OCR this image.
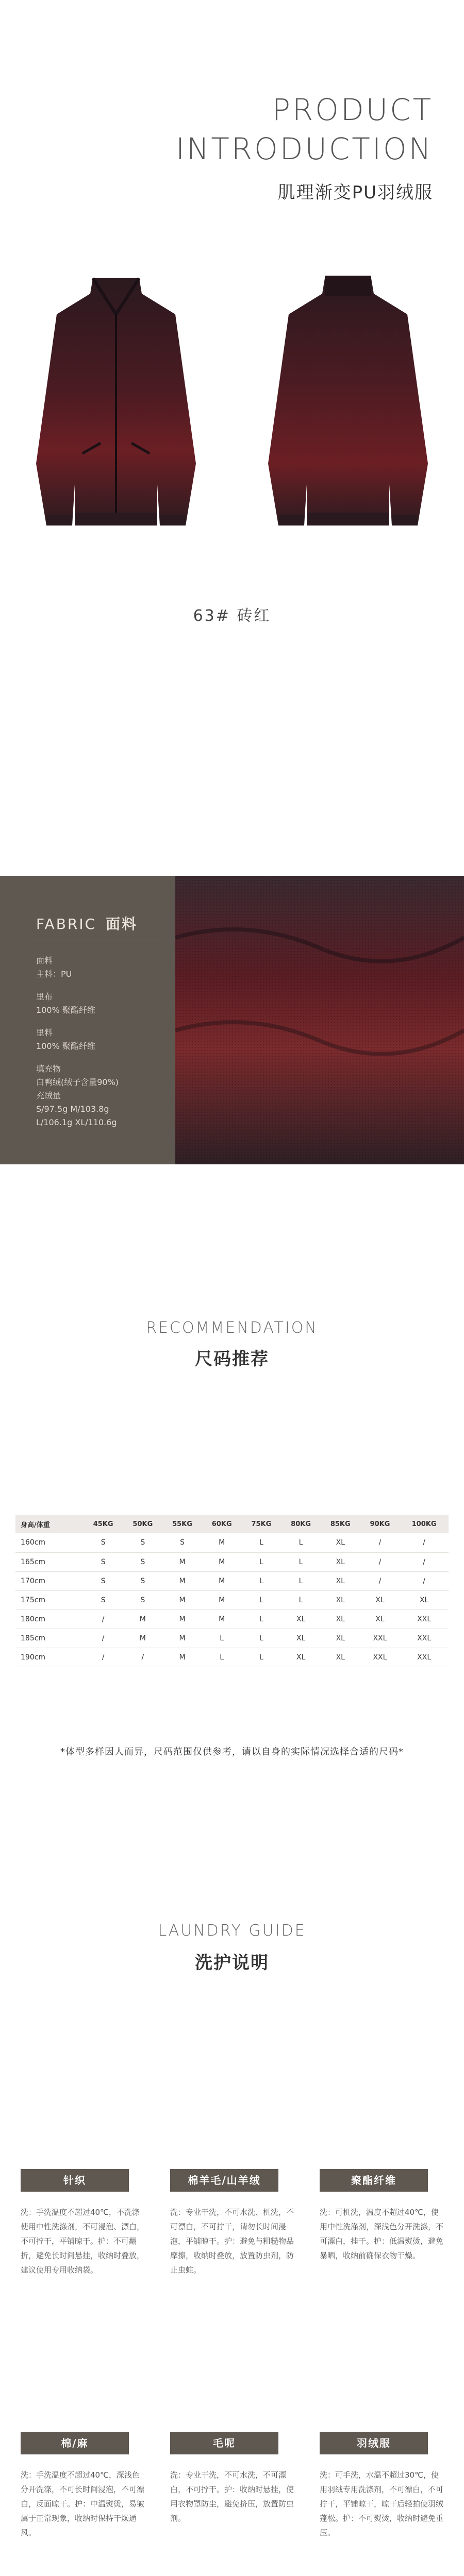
PRODUCT
INTRODUCTION
肌理渐变PU羽绒服
63# 砖红
FABRIC 面料
面料
主料：PU
里布
100% 聚酯纤维
里料
100% 聚酯纤维
填充物
白鸭绒(绒子含量90%)
充绒量
S/97.5g M/103.8g
L/106.1g XL/110.6g
RECOMMENDATION
尺码推荐
身高/体重	45KG	50KG	55KG	60KG	75KG	80KG	85KG	90KG	100KG
160cm	S	S	S	M	L	L	XL	/	/
165cm	S	S	M	M	L	L	XL	/	/
170cm	S	S	M	M	L	L	XL	/	/
175cm	S	S	M	M	L	L	XL	XL	XL
180cm	/	M	M	M	L	XL	XL	XL	XXL
185cm	/	M	M	L	L	XL	XL	XXL	XXL
190cm	/	/	M	L	L	XL	XL	XXL	XXL
*体型多样因人而异，尺码范围仅供参考，请以自身的实际情况选择合适的尺码*
LAUNDRY GUIDE
洗护说明
针织
洗：手洗温度不超过40℃，不洗涤使用中性洗涤剂，不可浸泡、漂白，不可拧干，平铺晾干。护：不可翻折，避免长时间悬挂，收纳时叠放，建议使用专用收纳袋。
棉羊毛/山羊绒
洗：专业干洗，不可水洗、机洗，不可漂白，不可拧干，请勿长时间浸泡，平铺晾干。护：避免与粗糙物品摩擦，收纳时叠放，放置防虫剂，防止虫蛀。
聚酯纤维
洗：可机洗，温度不超过40℃，使用中性洗涤剂，深浅色分开洗涤，不可漂白，挂干。护：低温熨烫，避免暴晒，收纳前确保衣物干燥。
棉/麻
洗：手洗温度不超过40℃，深浅色分开洗涤，不可长时间浸泡，不可漂白，反面晾干。护：中温熨烫，易皱属于正常现象，收纳时保持干燥通风。
毛呢
洗：专业干洗，不可水洗，不可漂白，不可拧干。护：收纳时悬挂，使用衣物罩防尘，避免挤压，放置防虫剂。
羽绒服
洗：可手洗，水温不超过30℃，使用羽绒专用洗涤剂，不可漂白，不可拧干，平铺晾干，晾干后轻拍使羽绒蓬松。护：不可熨烫，收纳时避免重压。
